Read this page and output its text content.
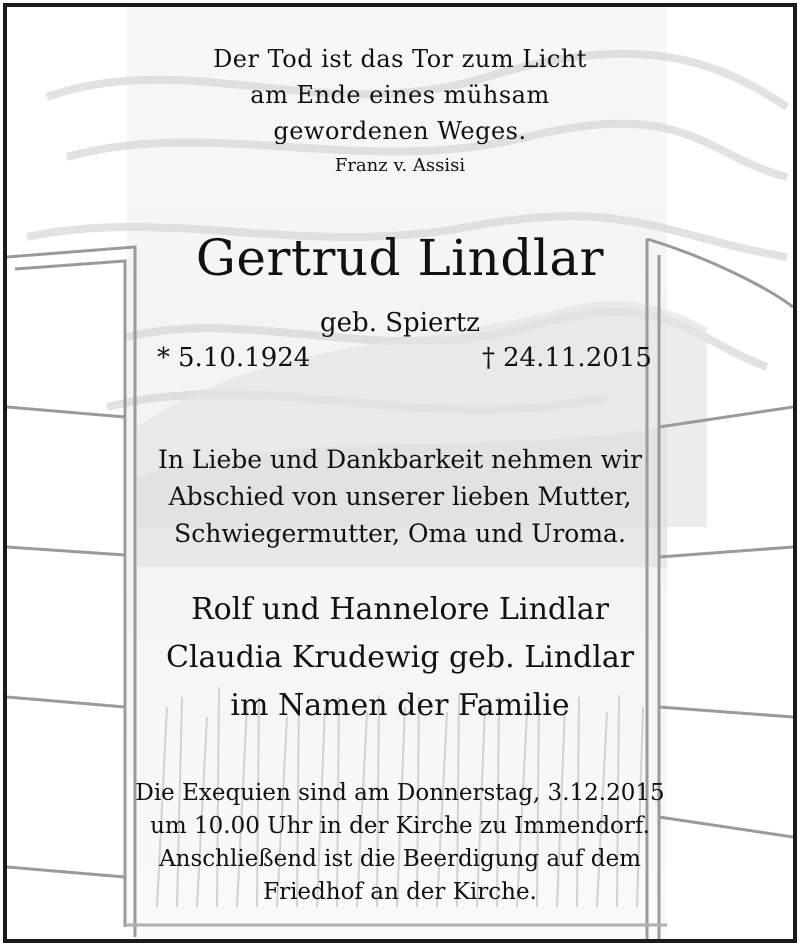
Der Tod ist das Tor zum Licht
am Ende eines mühsam
gewordenen Weges.
Franz v. Assisi
Gertrud Lindlar
geb. Spiertz
* 5.10.1924	† 24.11.2015
In Liebe und Dankbarkeit nehmen wir
Abschied von unserer lieben Mutter,
Schwiegermutter, Oma und Uroma.
Rolf und Hannelore Lindlar
Claudia Krudewig geb. Lindlar
im Namen der Familie
Die Exequien sind am Donnerstag, 3.12.2015
um 10.00 Uhr in der Kirche zu Immendorf.
Anschließend ist die Beerdigung auf dem
Friedhof an der Kirche.
